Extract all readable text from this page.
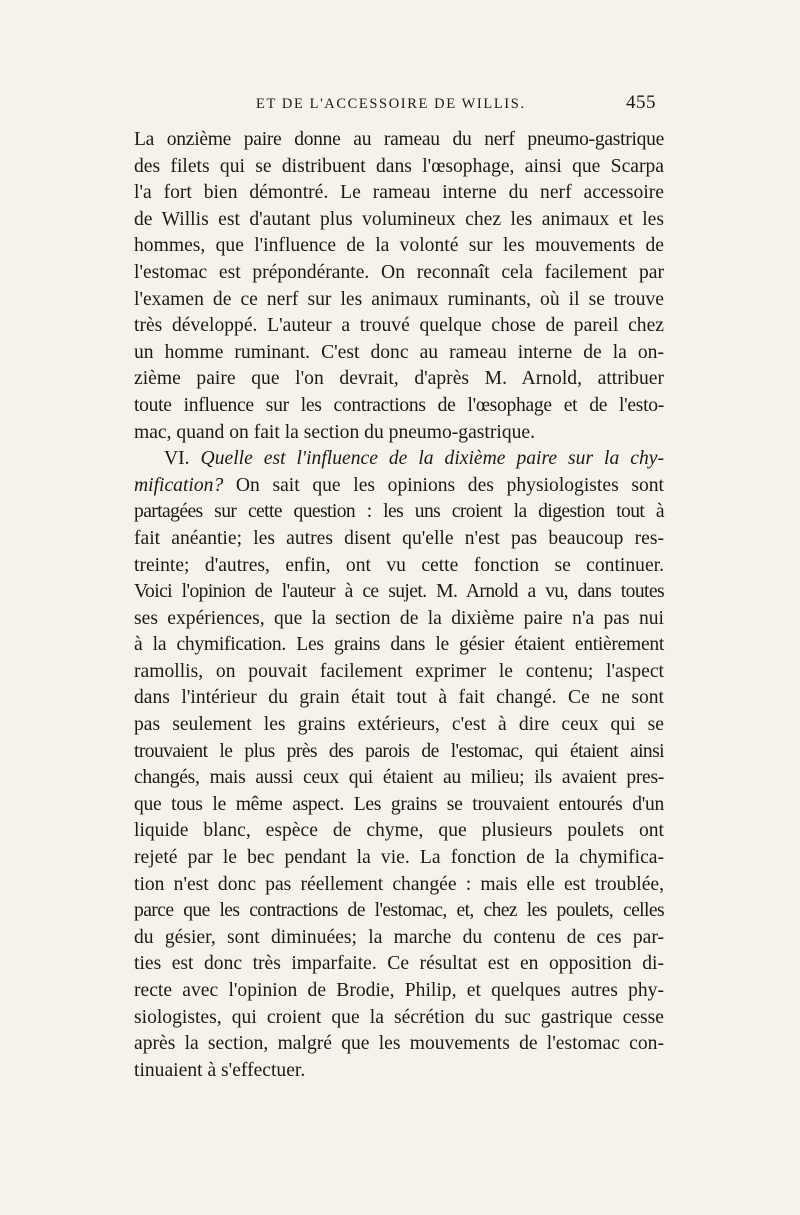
ET DE L'ACCESSOIRE DE WILLIS.	455
La onzième paire donne au rameau du nerf pneumo-gastrique
des filets qui se distribuent dans l'œsophage, ainsi que Scarpa
l'a fort bien démontré. Le rameau interne du nerf accessoire
de Willis est d'autant plus volumineux chez les animaux et les
hommes, que l'influence de la volonté sur les mouvements de
l'estomac est prépondérante. On reconnaît cela facilement par
l'examen de ce nerf sur les animaux ruminants, où il se trouve
très développé. L'auteur a trouvé quelque chose de pareil chez
un homme ruminant. C'est donc au rameau interne de la on-
zième paire que l'on devrait, d'après M. Arnold, attribuer
toute influence sur les contractions de l'œsophage et de l'esto-
mac, quand on fait la section du pneumo-gastrique.
VI. Quelle est l'influence de la dixième paire sur la chy-
mification? On sait que les opinions des physiologistes sont
partagées sur cette question : les uns croient la digestion tout à
fait anéantie; les autres disent qu'elle n'est pas beaucoup res-
treinte; d'autres, enfin, ont vu cette fonction se continuer.
Voici l'opinion de l'auteur à ce sujet. M. Arnold a vu, dans toutes
ses expériences, que la section de la dixième paire n'a pas nui
à la chymification. Les grains dans le gésier étaient entièrement
ramollis, on pouvait facilement exprimer le contenu; l'aspect
dans l'intérieur du grain était tout à fait changé. Ce ne sont
pas seulement les grains extérieurs, c'est à dire ceux qui se
trouvaient le plus près des parois de l'estomac, qui étaient ainsi
changés, mais aussi ceux qui étaient au milieu; ils avaient pres-
que tous le même aspect. Les grains se trouvaient entourés d'un
liquide blanc, espèce de chyme, que plusieurs poulets ont
rejeté par le bec pendant la vie. La fonction de la chymifica-
tion n'est donc pas réellement changée : mais elle est troublée,
parce que les contractions de l'estomac, et, chez les poulets, celles
du gésier, sont diminuées; la marche du contenu de ces par-
ties est donc très imparfaite. Ce résultat est en opposition di-
recte avec l'opinion de Brodie, Philip, et quelques autres phy-
siologistes, qui croient que la sécrétion du suc gastrique cesse
après la section, malgré que les mouvements de l'estomac con-
tinuaient à s'effectuer.
